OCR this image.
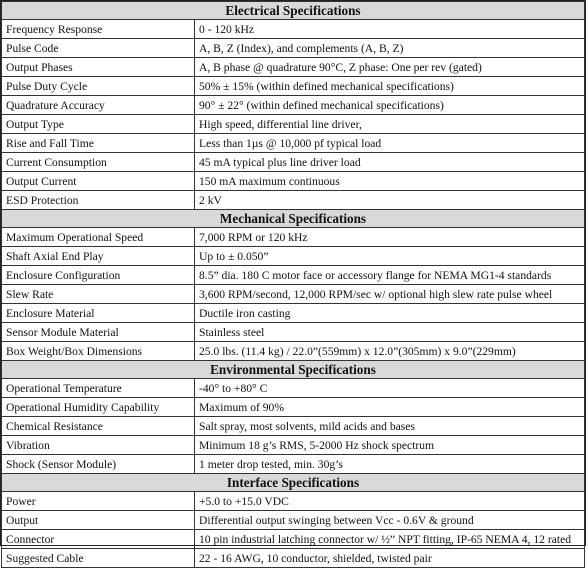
Electrical Specifications	
Frequency Response	0 - 120 kHz
Pulse Code	A, B, Z (Index), and complements (A, B, Z)
Output Phases	A, B phase @ quadrature 90°C, Z phase: One per rev (gated)
Pulse Duty Cycle	50% ± 15% (within defined mechanical specifications)
Quadrature Accuracy	90° ± 22° (within defined mechanical specifications)
Output Type	High speed, differential line driver,
Rise and Fall Time	Less than 1µs @ 10,000 pf typical load
Current Consumption	45 mA typical plus line driver load
Output Current	150 mA maximum continuous
ESD Protection	2 kV
Mechanical Specifications	
Maximum Operational Speed	7,000 RPM or 120 kHz
Shaft Axial End Play	Up to ± 0.050”
Enclosure Configuration	8.5” dia. 180 C motor face or accessory flange for NEMA MG1-4 standards
Slew Rate	3,600 RPM/second, 12,000 RPM/sec w/ optional high slew rate pulse wheel
Enclosure Material	Ductile iron casting
Sensor Module Material	Stainless steel
Box Weight/Box Dimensions	25.0 lbs. (11.4 kg) / 22.0”(559mm) x 12.0”(305mm) x 9.0”(229mm)
Environmental Specifications	
Operational Temperature	-40° to +80° C
Operational Humidity Capability	Maximum of 90%
Chemical Resistance	Salt spray, most solvents, mild acids and bases
Vibration	Minimum 18 g’s RMS, 5-2000 Hz shock spectrum
Shock (Sensor Module)	1 meter drop tested, min. 30g’s
Interface Specifications	
Power	+5.0 to +15.0 VDC
Output	Differential output swinging between Vcc - 0.6V & ground
Connector	10 pin industrial latching connector w/ ½” NPT fitting, IP-65 NEMA 4, 12 rated
Suggested Cable	22 - 16 AWG, 10 conductor, shielded, twisted pair
